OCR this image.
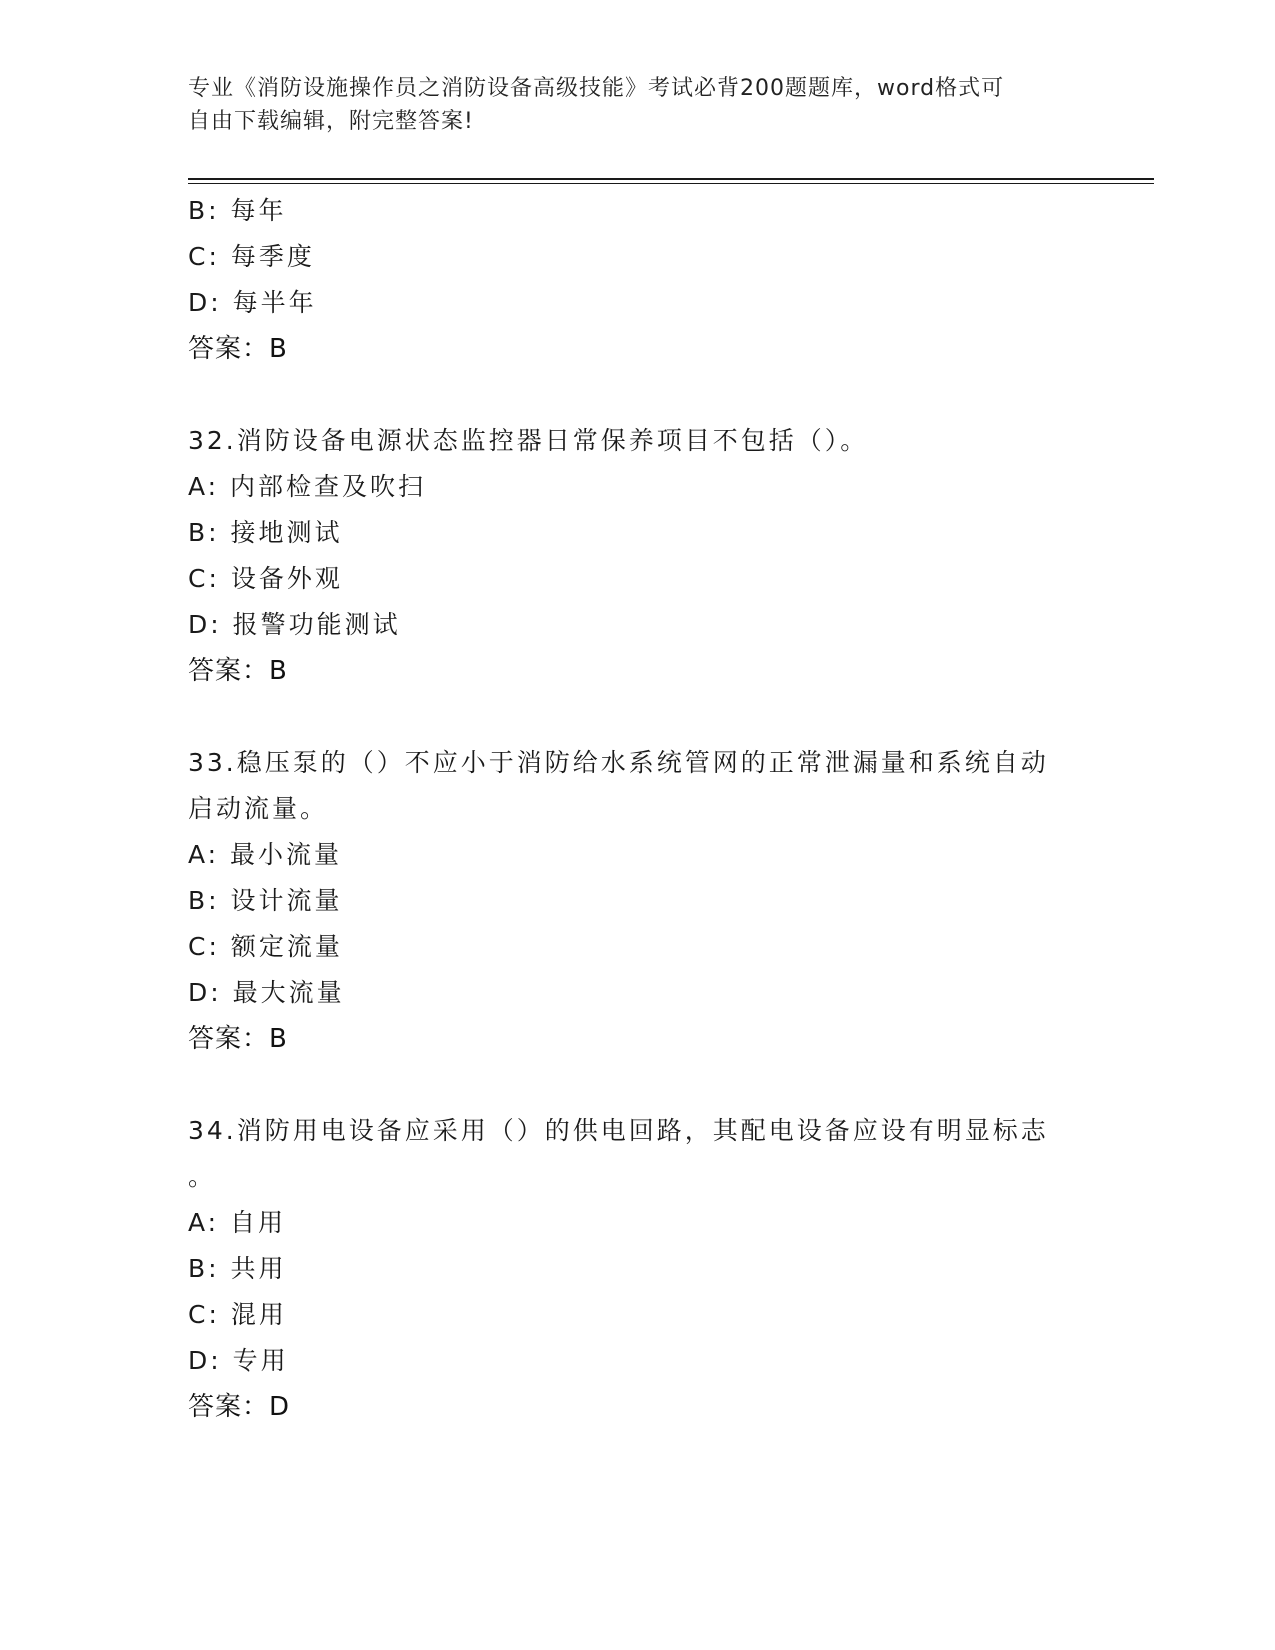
专业《消防设施操作员之消防设备高级技能》考试必背200题题库，word格式可
自由下载编辑，附完整答案!
B: 每年
C: 每季度
D: 每半年
答案：B
32.消防设备电源状态监控器日常保养项目不包括（）。
A: 内部检查及吹扫
B: 接地测试
C: 设备外观
D: 报警功能测试
答案：B
33.稳压泵的（）不应小于消防给水系统管网的正常泄漏量和系统自动
启动流量。
A: 最小流量
B: 设计流量
C: 额定流量
D: 最大流量
答案：B
34.消防用电设备应采用（）的供电回路，其配电设备应设有明显标志
。
A: 自用
B: 共用
C: 混用
D: 专用
答案：D
